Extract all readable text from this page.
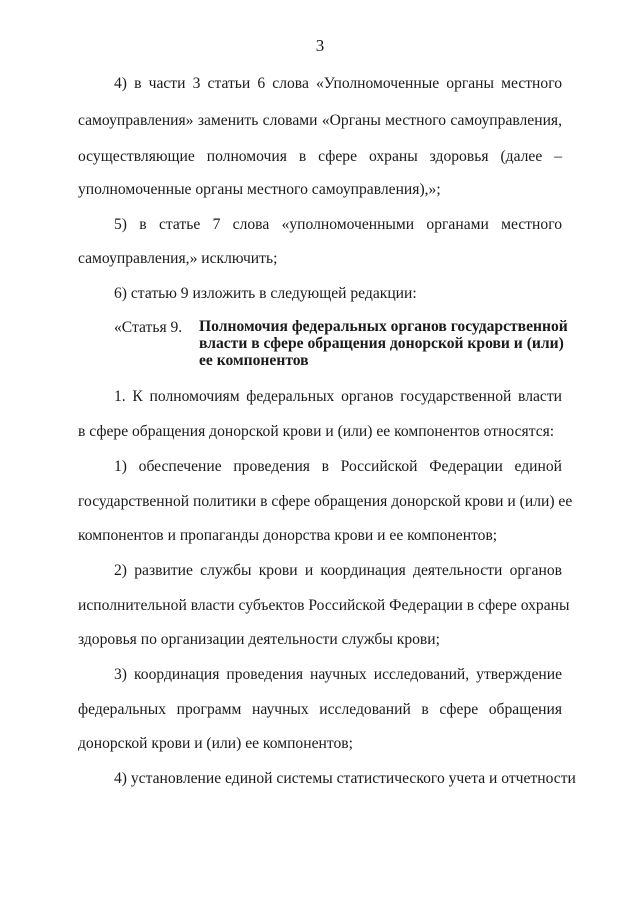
3
4) в части 3 статьи 6 слова «Уполномоченные органы местного
самоуправления» заменить словами «Органы местного самоуправления,
осуществляющие полномочия в сфере охраны здоровья (далее –
уполномоченные органы местного самоуправления),»;
5) в статье 7 слова «уполномоченными органами местного
самоуправления,» исключить;
6) статью 9 изложить в следующей редакции:
«Статья 9. Полномочия федеральных органов государственной
власти в сфере обращения донорской крови и (или)
ее компонентов
1. К полномочиям федеральных органов государственной власти
в сфере обращения донорской крови и (или) ее компонентов относятся:
1) обеспечение проведения в Российской Федерации единой
государственной политики в сфере обращения донорской крови и (или) ее
компонентов и пропаганды донорства крови и ее компонентов;
2) развитие службы крови и координация деятельности органов
исполнительной власти субъектов Российской Федерации в сфере охраны
здоровья по организации деятельности службы крови;
3) координация проведения научных исследований, утверждение
федеральных программ научных исследований в сфере обращения
донорской крови и (или) ее компонентов;
4) установление единой системы статистического учета и отчетности
